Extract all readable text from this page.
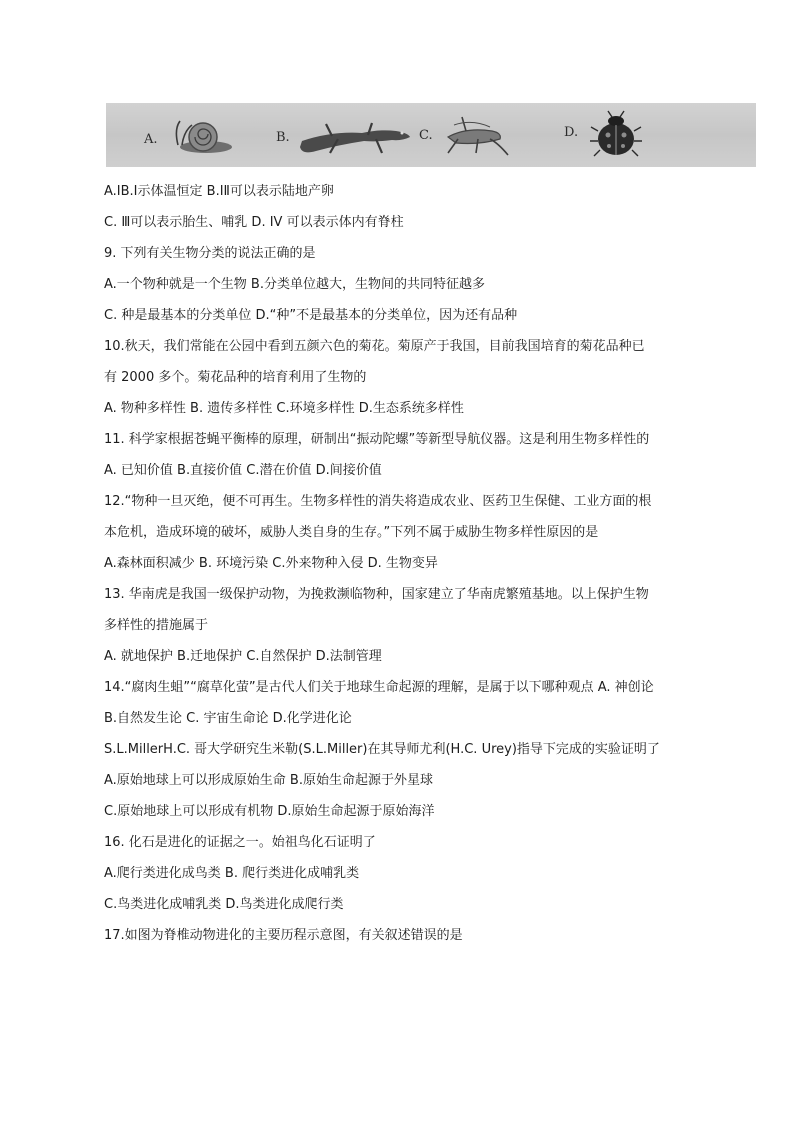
A.	B.	C.	D.
A.IB.I示体温恒定 B.IⅡ可以表示陆地产卵
C. Ⅲ可以表示胎生、哺乳 D. IV 可以表示体内有脊柱
9. 下列有关生物分类的说法正确的是
A.一个物种就是一个生物 B.分类单位越大，生物间的共同特征越多
C. 种是最基本的分类单位 D.“种”不是最基本的分类单位，因为还有品种
10.秋天，我们常能在公园中看到五颜六色的菊花。菊原产于我国，目前我国培育的菊花品种已
有 2000 多个。菊花品种的培育利用了生物的
A. 物种多样性 B. 遗传多样性 C.环境多样性 D.生态系统多样性
11. 科学家根据苍蝇平衡棒的原理，研制出“振动陀螺”等新型导航仪器。这是利用生物多样性的
A. 已知价值 B.直接价值 C.潜在价值 D.间接价值
12.“物种一旦灭绝，便不可再生。生物多样性的消失将造成农业、医药卫生保健、工业方面的根
本危机，造成环境的破坏，威胁人类自身的生存。”下列不属于威胁生物多样性原因的是
A.森林面积减少 B. 环境污染 C.外来物种入侵 D. 生物变异
13. 华南虎是我国一级保护动物，为挽救濒临物种，国家建立了华南虎繁殖基地。以上保护生物
多样性的措施属于
A. 就地保护 B.迁地保护 C.自然保护 D.法制管理
14.“腐肉生蛆”“腐草化萤”是古代人们关于地球生命起源的理解，是属于以下哪种观点 A. 神创论
B.自然发生论 C. 宇宙生命论 D.化学进化论
S.L.MillerH.C. 哥大学研究生米勒(S.L.Miller)在其导师尤利(H.C. Urey)指导下完成的实验证明了
A.原始地球上可以形成原始生命 B.原始生命起源于外星球
C.原始地球上可以形成有机物 D.原始生命起源于原始海洋
16. 化石是进化的证据之一。始祖鸟化石证明了
A.爬行类进化成鸟类 B. 爬行类进化成哺乳类
C.鸟类进化成哺乳类 D.鸟类进化成爬行类
17.如图为脊椎动物进化的主要历程示意图，有关叙述错误的是
